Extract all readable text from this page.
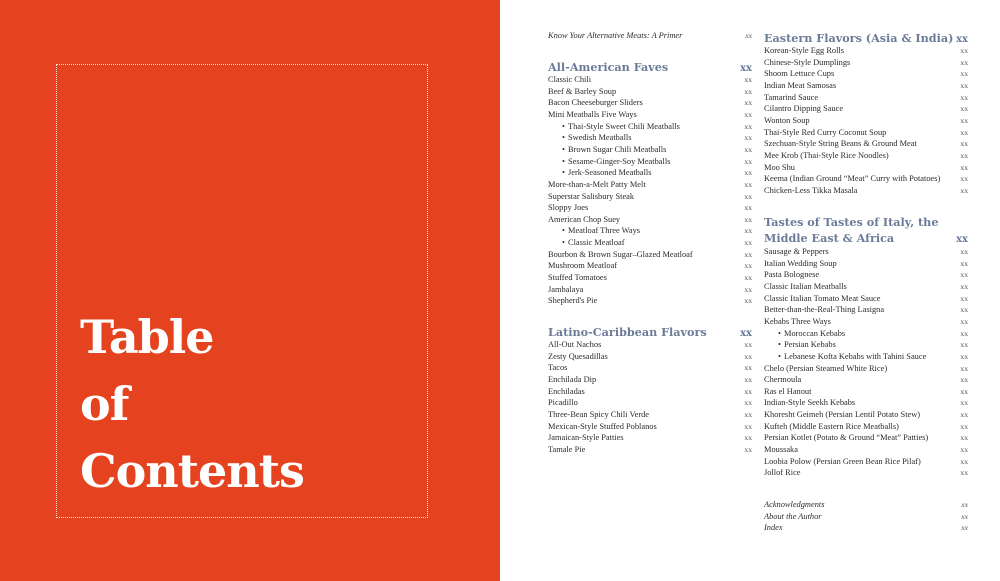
Table
of
Contents
Know Your Alternative Meats: A Primer	xx
All-American Faves	xx
Classic Chili	xx
Beef & Barley Soup	xx
Bacon Cheeseburger Sliders	xx
Mini Meatballs Five Ways	xx
• Thai-Style Sweet Chili Meatballs	xx
• Swedish Meatballs	xx
• Brown Sugar Chili Meatballs	xx
• Sesame-Ginger-Soy Meatballs	xx
• Jerk-Seasoned Meatballs	xx
More-than-a-Melt Patty Melt	xx
Superstar Salisbury Steak	xx
Sloppy Joes	xx
American Chop Suey	xx
• Meatloaf Three Ways	xx
• Classic Meatloaf	xx
Bourbon & Brown Sugar–Glazed Meatloaf	xx
Mushroom Meatloaf	xx
Stuffed Tomatoes	xx
Jambalaya	xx
Shepherd's Pie	xx
Latino-Caribbean Flavors	xx
All-Out Nachos	xx
Zesty Quesadillas	xx
Tacos	xx
Enchilada Dip	xx
Enchiladas	xx
Picadillo	xx
Three-Bean Spicy Chili Verde	xx
Mexican-Style Stuffed Poblanos	xx
Jamaican-Style Patties	xx
Tamale Pie	xx
Eastern Flavors (Asia & India) xx
Korean-Style Egg Rolls	xx
Chinese-Style Dumplings	xx
Shoom Lettuce Cups	xx
Indian Meat Samosas	xx
Tamarind Sauce	xx
Cilantro Dipping Sauce	xx
Wonton Soup	xx
Thai-Style Red Curry Coconut Soup	xx
Szechuan-Style String Beans & Ground Meat	xx
Mee Krob (Thai-Style Rice Noodles)	xx
Moo Shu	xx
Keema (Indian Ground “Meat” Curry with Potatoes)	xx
Chicken-Less Tikka Masala	xx
Tastes of Tastes of Italy, the
Middle East & Africa	xx
Sausage & Peppers	xx
Italian Wedding Soup	xx
Pasta Bolognese	xx
Classic Italian Meatballs	xx
Classic Italian Tomato Meat Sauce	xx
Better-than-the-Real-Thing Lasigna	xx
Kebabs Three Ways	xx
• Moroccan Kebabs	xx
• Persian Kebabs	xx
• Lebanese Kofta Kebabs with Tahini Sauce	xx
Chelo (Persian Steamed White Rice)	xx
Chermoula	xx
Ras el Hanout	xx
Indian-Style Seekh Kebabs	xx
Khoresht Geimeh (Persian Lentil Potato Stew)	xx
Kufteh (Middle Eastern Rice Meatballs)	xx
Persian Kotlet (Potato & Ground “Meat” Patties)	xx
Moussaka	xx
Loobia Polow (Persian Green Bean Rice Pilaf)	xx
Jollof Rice	xx
Acknowledgments	xx
About the Author	xx
Index	xx
